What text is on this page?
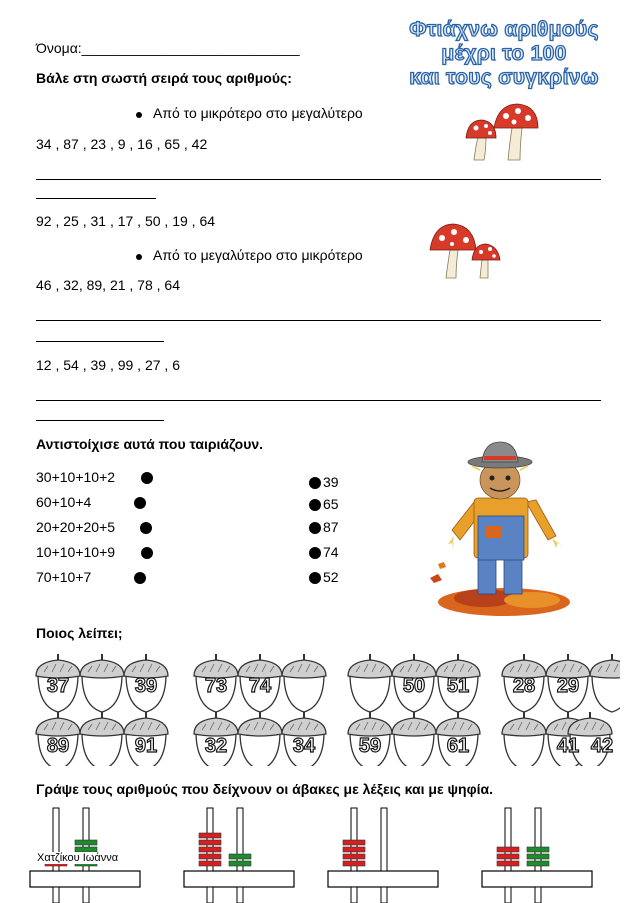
Όνομα:____________________________
Φτιάχνω αριθμούς
μέχρι το 100
και τους συγκρίνω
Βάλε στη σωστή σειρά τους αριθμούς:
Από το μικρότερο στο μεγαλύτερο
34 , 87 , 23 , 9 , 16 , 65 , 42
92 , 25 , 31 , 17 , 50 , 19 , 64
Από το μεγαλύτερο στο μικρότερο
46 , 32, 89, 21 , 78 , 64
12 , 54 , 39 , 99 , 27 , 6
Αντιστοίχισε αυτά που ταιριάζουν.
30+10+10+2
60+10+4
20+20+20+5
10+10+10+9
70+10+7
39
65
87
74
52
Ποιος λείπει;
37	39 73 74	50 51 28 29
89	91 32	34 59	61	41 42
Γράψε τους αριθμούς που δείχνουν οι άβακες με λέξεις και με ψηφία.
Χατζίκου Ιωάννα
